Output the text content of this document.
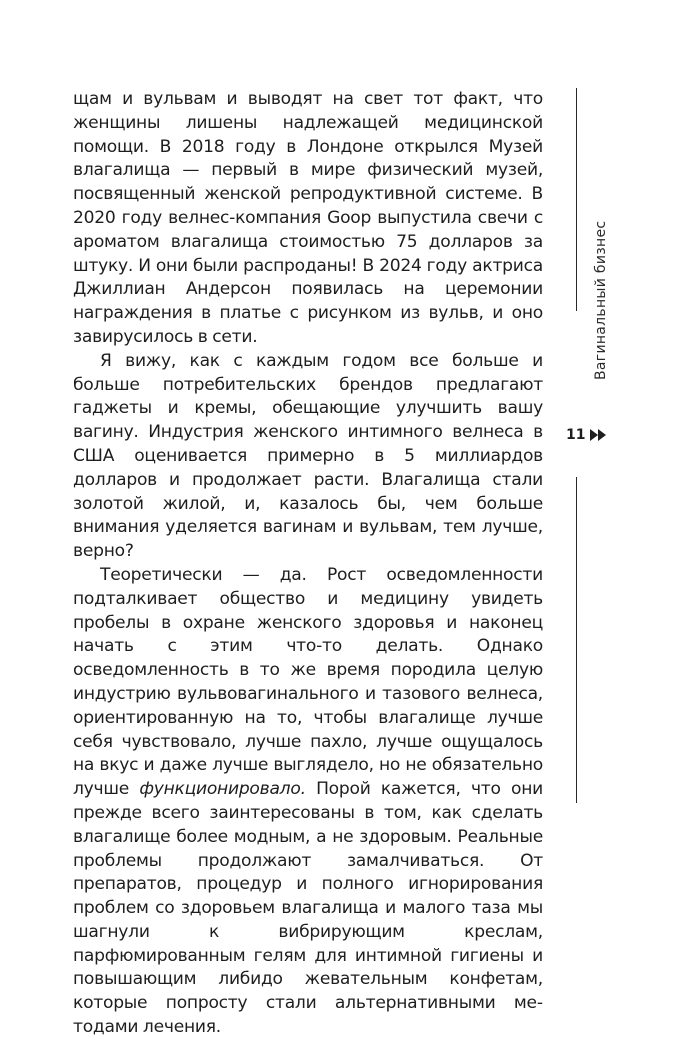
щам и вульвам и выводят на свет тот факт, что женщины лишены надлежащей медицинской помощи. В 2018 году в Лондоне открылся Музей влагалища — первый в мире физический музей, посвященный женской репродуктивной системе. В 2020 году велнес-компания Goop выпустила свечи с ароматом влагалища стоимостью 75 долларов за штуку. И они были распроданы! В 2024 году актриса Джиллиан Андерсон появилась на церемонии награждения в платье с рисунком из вульв, и оно завирусилось в сети.

Я вижу, как с каждым годом все больше и больше потребительских брендов предлагают гаджеты и кремы, обещающие улучшить вашу вагину. Индустрия женского интимного велнеса в США оценивается примерно в 5 миллиардов долларов и продолжает расти. Влагалища стали золотой жилой, и, казалось бы, чем больше внимания уделяется вагинам и вульвам, тем лучше, верно?

Теоретически — да. Рост осведомленности подталкивает общество и медицину увидеть пробелы в охране женского здоровья и наконец начать с этим что-то делать. Однако осведомленность в то же время породила целую индустрию вульвовагинального и тазового велнеса, ориентированную на то, чтобы влагалище лучше себя чувствовало, лучше пахло, лучше ощущалось на вкус и даже лучше выглядело, но не обязательно лучше функционировало. Порой кажется, что они прежде всего заинтересованы в том, как сделать влагалище более модным, а не здоровым. Реальные проблемы продолжают замалчиваться. От препаратов, процедур и полного игнорирования проблем со здоровьем влагалища и малого таза мы шагнули к вибрирующим креслам, парфюмированным гелям для интимной гигиены и повышающим либидо жевательным конфетам, которые попросту стали альтернативными методами лечения.

Вагинальный бизнес
11
